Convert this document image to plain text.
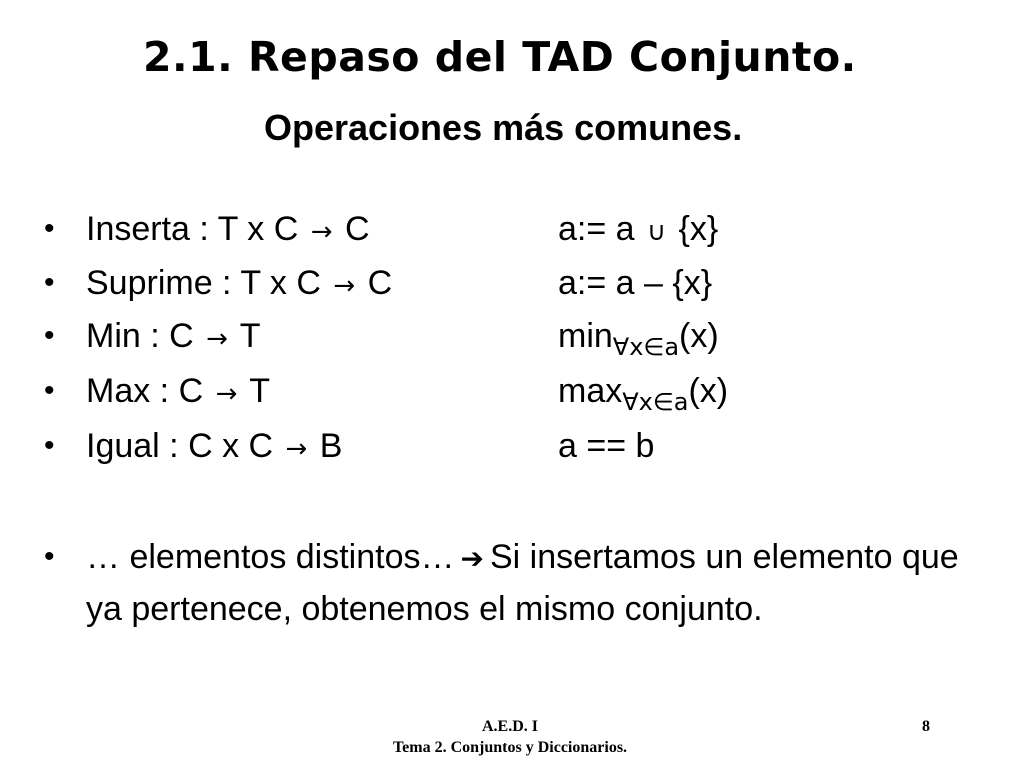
2.1. Repaso del TAD Conjunto.
Operaciones más comunes.
• Inserta : T x C → C	a:= a ∪ {x}
• Suprime : T x C → C	a:= a – {x}
• Min : C → T	$\min_{\forall x\in a}(x)$
• Max : C → T	$\max_{\forall x\in a}(x)$
• Igual : C x C → B	a == b
• … elementos distintos… ➔ Si insertamos un elemento que ya pertenece, obtenemos el mismo conjunto.
A.E.D. I
Tema 2. Conjuntos y Diccionarios.
8
